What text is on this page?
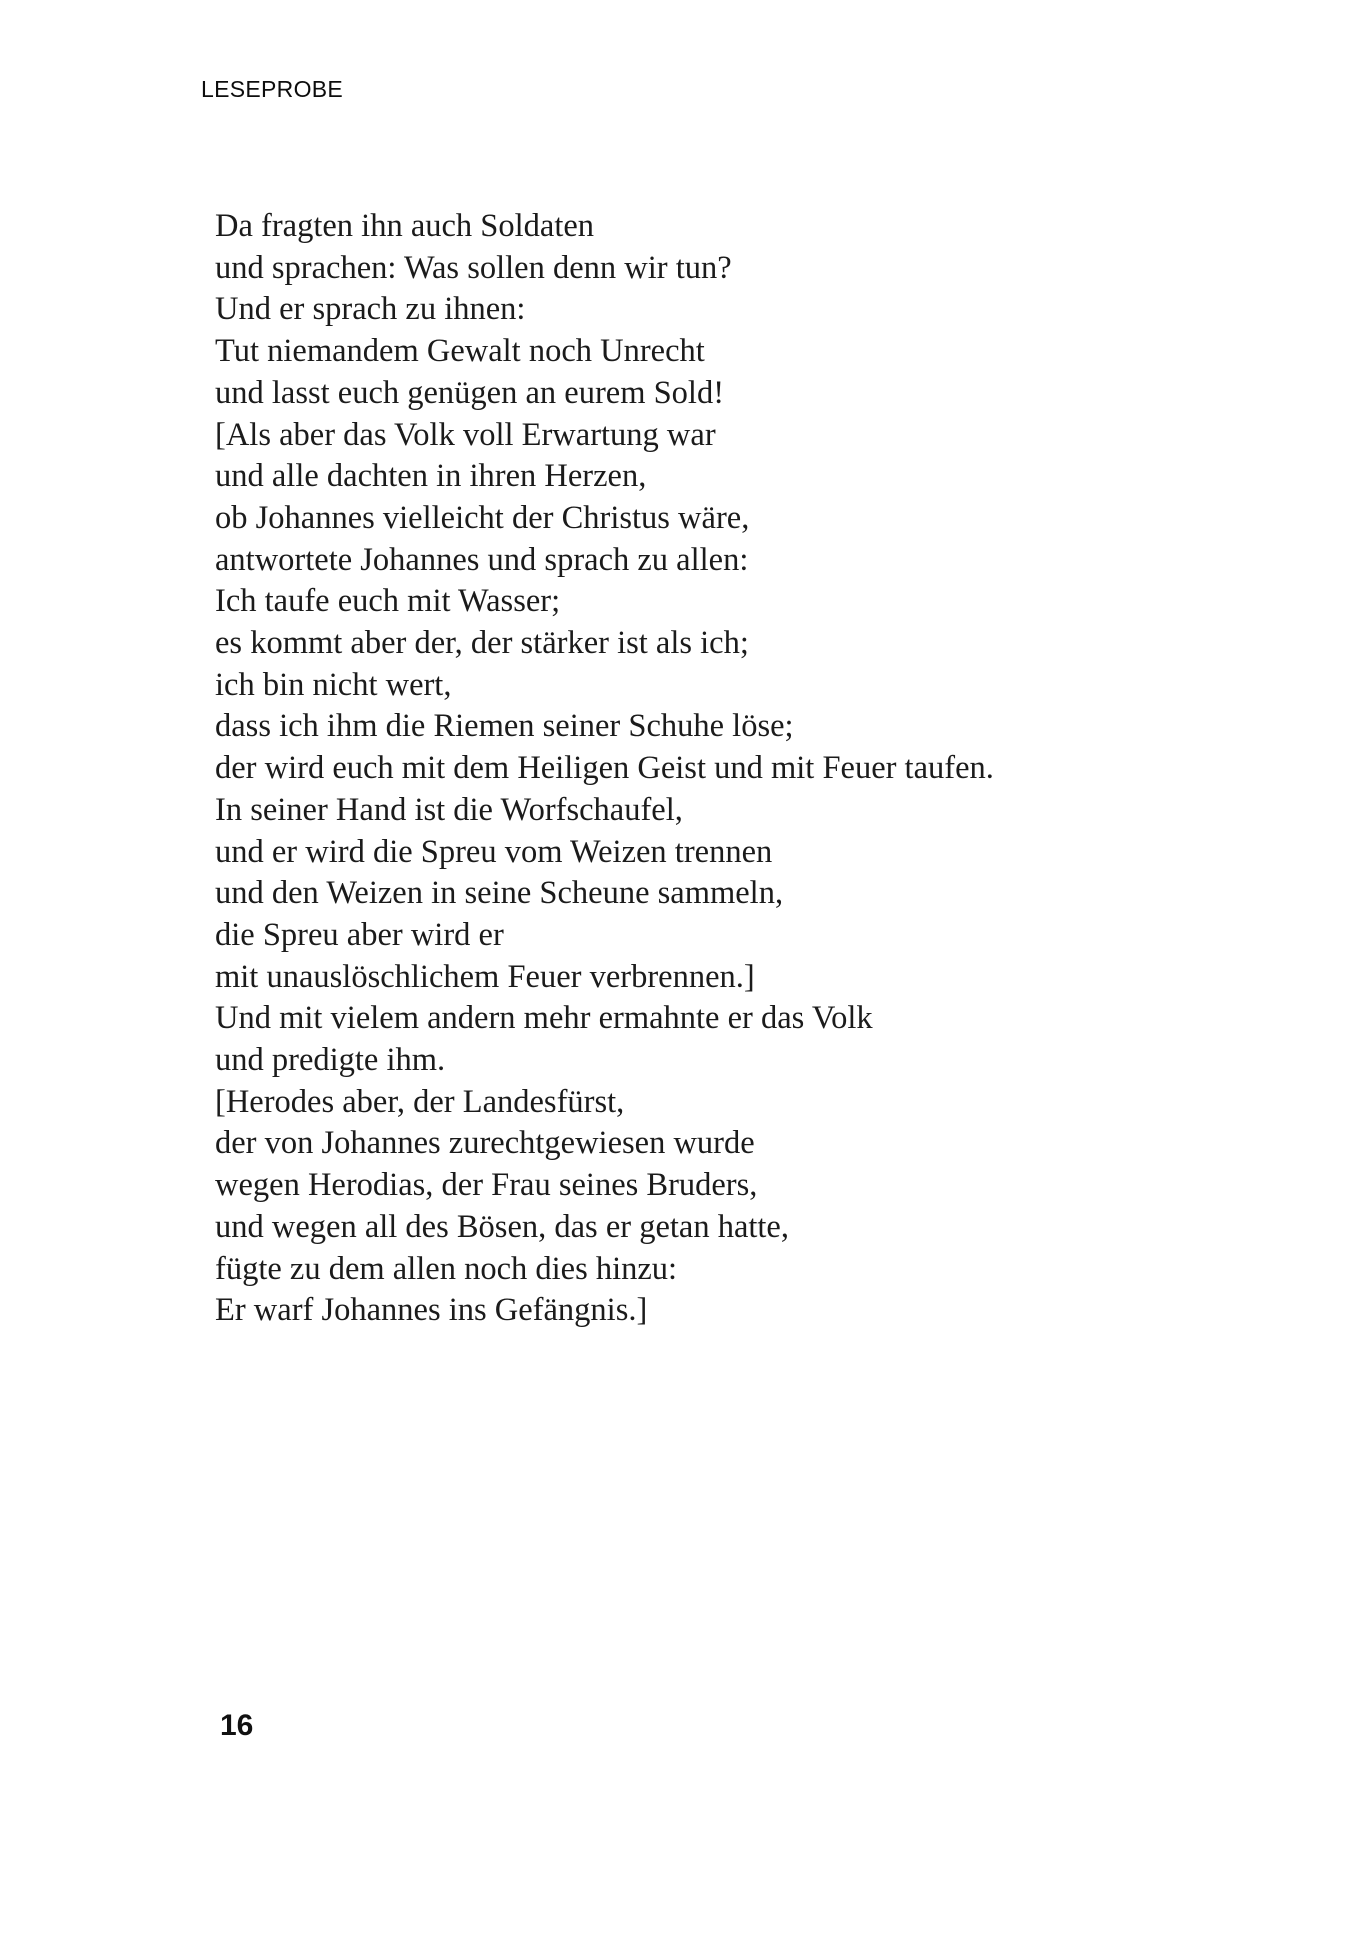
LESEPROBE
Da fragten ihn auch Soldaten
und sprachen: Was sollen denn wir tun?
Und er sprach zu ihnen:
Tut niemandem Gewalt noch Unrecht
und lasst euch genügen an eurem Sold!
[Als aber das Volk voll Erwartung war
und alle dachten in ihren Herzen,
ob Johannes vielleicht der Christus wäre,
antwortete Johannes und sprach zu allen:
Ich taufe euch mit Wasser;
es kommt aber der, der stärker ist als ich;
ich bin nicht wert,
dass ich ihm die Riemen seiner Schuhe löse;
der wird euch mit dem Heiligen Geist und mit Feuer taufen.
In seiner Hand ist die Worfschaufel,
und er wird die Spreu vom Weizen trennen
und den Weizen in seine Scheune sammeln,
die Spreu aber wird er
mit unauslöschlichem Feuer verbrennen.]
Und mit vielem andern mehr ermahnte er das Volk
und predigte ihm.
[Herodes aber, der Landesfürst,
der von Johannes zurechtgewiesen wurde
wegen Herodias, der Frau seines Bruders,
und wegen all des Bösen, das er getan hatte,
fügte zu dem allen noch dies hinzu:
Er warf Johannes ins Gefängnis.]
16
